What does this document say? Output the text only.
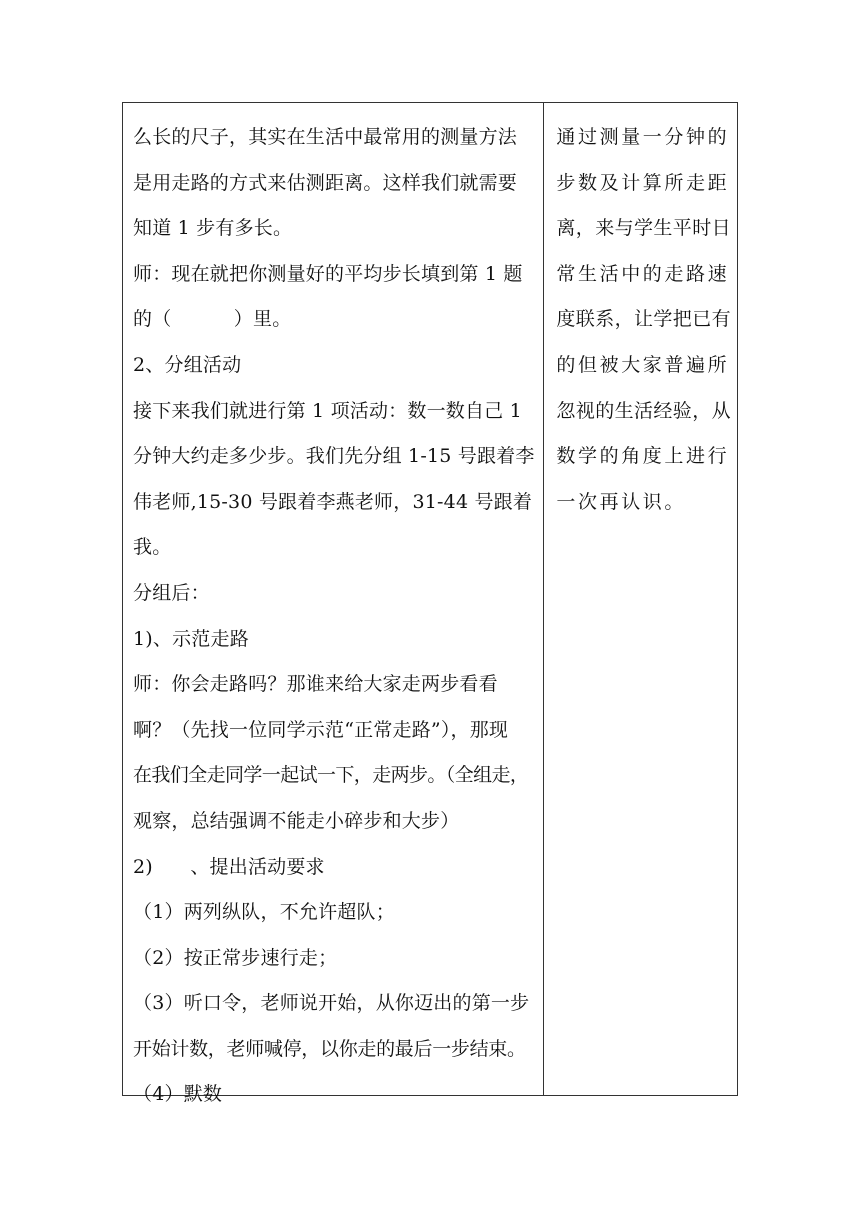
么长的尺子，其实在生活中最常用的测量方法
是用走路的方式来估测距离。这样我们就需要
知道 1 步有多长。
师：现在就把你测量好的平均步长填到第 1 题
的（          ）里。
2、分组活动
接下来我们就进行第 1 项活动：数一数自己 1
分钟大约走多少步。我们先分组 1-15 号跟着李
伟老师,15-30 号跟着李燕老师，31-44 号跟着
我。
分组后：
1)、示范走路
师：你会走路吗？那谁来给大家走两步看看
啊？（先找一位同学示范“正常走路”），那现
在我们全走同学一起试一下，走两步。（全组走，
观察，总结强调不能走小碎步和大步）
2)      、提出活动要求
（1）两列纵队，不允许超队；
（2）按正常步速行走；
（3）听口令，老师说开始，从你迈出的第一步
开始计数，老师喊停，以你走的最后一步结束。
（4）默数
通过测量一分钟的
步数及计算所走距
离，来与学生平时日
常生活中的走路速
度联系，让学把已有
的但被大家普遍所
忽视的生活经验，从
数学的角度上进行
一次再认识。
